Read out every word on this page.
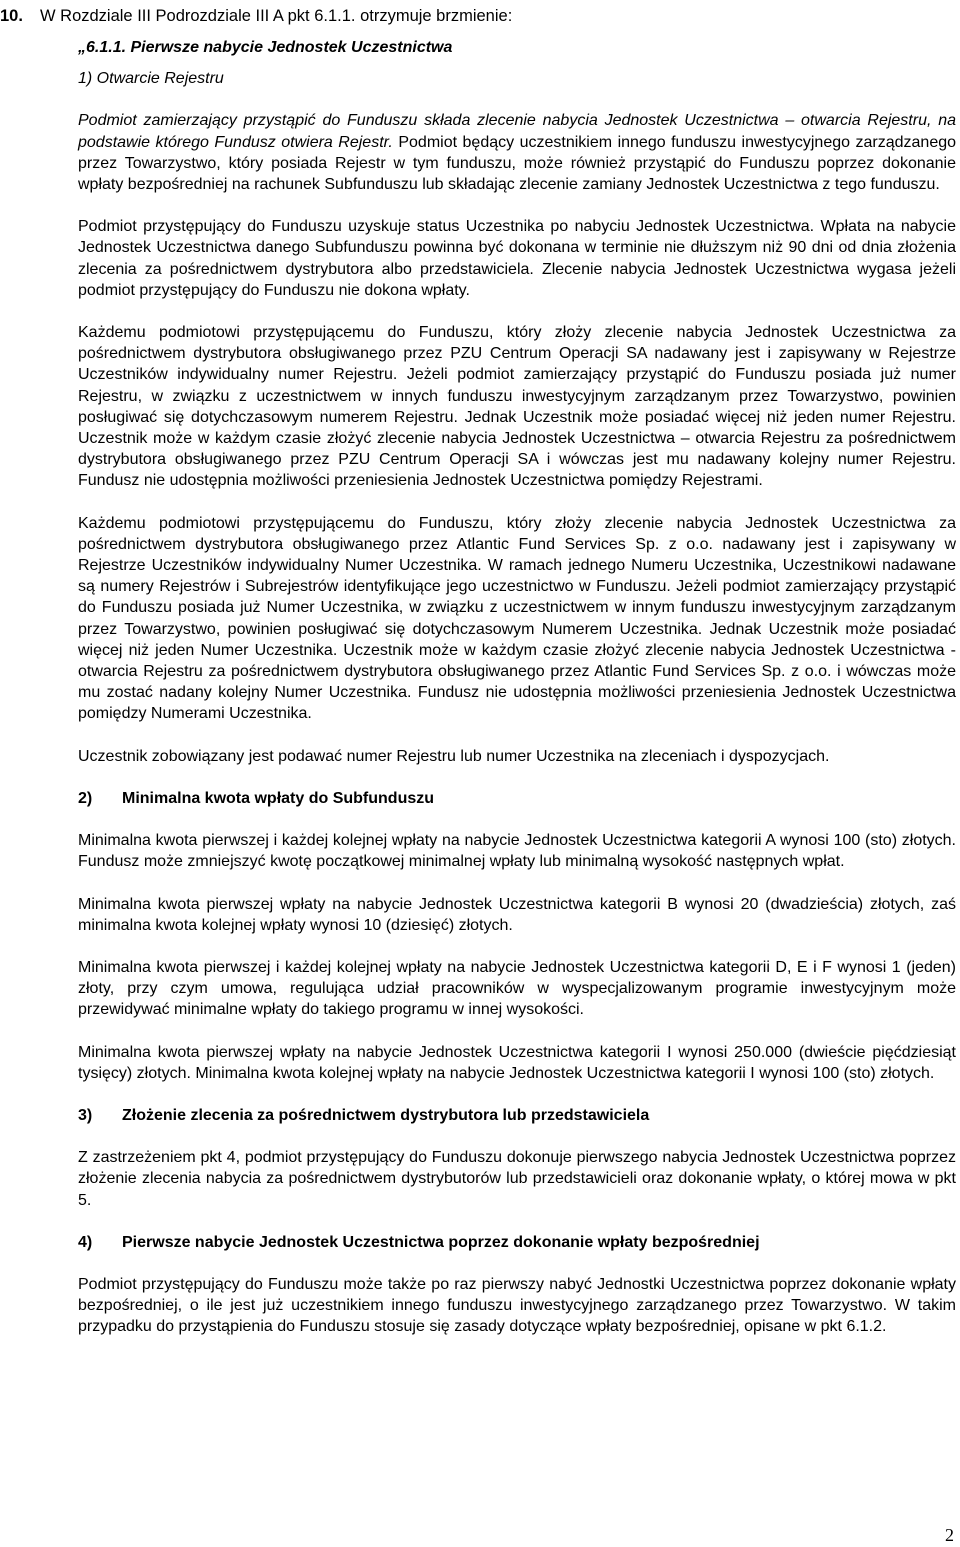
10. W Rozdziale III Podrozdziale III A pkt 6.1.1. otrzymuje brzmienie:

„6.1.1. Pierwsze nabycie Jednostek Uczestnictwa

1) Otwarcie Rejestru

Podmiot zamierzający przystąpić do Funduszu składa zlecenie nabycia Jednostek Uczestnictwa – otwarcia Rejestru, na podstawie którego Fundusz otwiera Rejestr. Podmiot będący uczestnikiem innego funduszu inwestycyjnego zarządzanego przez Towarzystwo, który posiada Rejestr w tym funduszu, może również przystąpić do Funduszu poprzez dokonanie wpłaty bezpośredniej na rachunek Subfunduszu lub składając zlecenie zamiany Jednostek Uczestnictwa z tego funduszu.

Podmiot przystępujący do Funduszu uzyskuje status Uczestnika po nabyciu Jednostek Uczestnictwa. Wpłata na nabycie Jednostek Uczestnictwa danego Subfunduszu powinna być dokonana w terminie nie dłuższym niż 90 dni od dnia złożenia zlecenia za pośrednictwem dystrybutora albo przedstawiciela. Zlecenie nabycia Jednostek Uczestnictwa wygasa jeżeli podmiot przystępujący do Funduszu nie dokona wpłaty.

Każdemu podmiotowi przystępującemu do Funduszu, który złoży zlecenie nabycia Jednostek Uczestnictwa za pośrednictwem dystrybutora obsługiwanego przez PZU Centrum Operacji SA nadawany jest i zapisywany w Rejestrze Uczestników indywidualny numer Rejestru. Jeżeli podmiot zamierzający przystąpić do Funduszu posiada już numer Rejestru, w związku z uczestnictwem w innych funduszu inwestycyjnym zarządzanym przez Towarzystwo, powinien posługiwać się dotychczasowym numerem Rejestru. Jednak Uczestnik może posiadać więcej niż jeden numer Rejestru. Uczestnik może w każdym czasie złożyć zlecenie nabycia Jednostek Uczestnictwa – otwarcia Rejestru za pośrednictwem dystrybutora obsługiwanego przez PZU Centrum Operacji SA i wówczas jest mu nadawany kolejny numer Rejestru. Fundusz nie udostępnia możliwości przeniesienia Jednostek Uczestnictwa pomiędzy Rejestrami.

Każdemu podmiotowi przystępującemu do Funduszu, który złoży zlecenie nabycia Jednostek Uczestnictwa za pośrednictwem dystrybutora obsługiwanego przez Atlantic Fund Services Sp. z o.o. nadawany jest i zapisywany w Rejestrze Uczestników indywidualny Numer Uczestnika. W ramach jednego Numeru Uczestnika, Uczestnikowi nadawane są numery Rejestrów i Subrejestrów identyfikujące jego uczestnictwo w Funduszu. Jeżeli podmiot zamierzający przystąpić do Funduszu posiada już Numer Uczestnika, w związku z uczestnictwem w innym funduszu inwestycyjnym zarządzanym przez Towarzystwo, powinien posługiwać się dotychczasowym Numerem Uczestnika. Jednak Uczestnik może posiadać więcej niż jeden Numer Uczestnika. Uczestnik może w każdym czasie złożyć zlecenie nabycia Jednostek Uczestnictwa - otwarcia Rejestru za pośrednictwem dystrybutora obsługiwanego przez Atlantic Fund Services Sp. z o.o. i wówczas może mu zostać nadany kolejny Numer Uczestnika. Fundusz nie udostępnia możliwości przeniesienia Jednostek Uczestnictwa pomiędzy Numerami Uczestnika.

Uczestnik zobowiązany jest podawać numer Rejestru lub numer Uczestnika na zleceniach i dyspozycjach.

2) Minimalna kwota wpłaty do Subfunduszu

Minimalna kwota pierwszej i każdej kolejnej wpłaty na nabycie Jednostek Uczestnictwa kategorii A wynosi 100 (sto) złotych. Fundusz może zmniejszyć kwotę początkowej minimalnej wpłaty lub minimalną wysokość następnych wpłat.

Minimalna kwota pierwszej wpłaty na nabycie Jednostek Uczestnictwa kategorii B wynosi 20 (dwadzieścia) złotych, zaś minimalna kwota kolejnej wpłaty wynosi 10 (dziesięć) złotych.

Minimalna kwota pierwszej i każdej kolejnej wpłaty na nabycie Jednostek Uczestnictwa kategorii D, E i F wynosi 1 (jeden) złoty, przy czym umowa, regulująca udział pracowników w wyspecjalizowanym programie inwestycyjnym może przewidywać minimalne wpłaty do takiego programu w innej wysokości.

Minimalna kwota pierwszej wpłaty na nabycie Jednostek Uczestnictwa kategorii I wynosi 250.000 (dwieście pięćdziesiąt tysięcy) złotych. Minimalna kwota kolejnej wpłaty na nabycie Jednostek Uczestnictwa kategorii I wynosi 100 (sto) złotych.

3) Złożenie zlecenia za pośrednictwem dystrybutora lub przedstawiciela

Z zastrzeżeniem pkt 4, podmiot przystępujący do Funduszu dokonuje pierwszego nabycia Jednostek Uczestnictwa poprzez złożenie zlecenia nabycia za pośrednictwem dystrybutorów lub przedstawicieli oraz dokonanie wpłaty, o której mowa w pkt 5.

4) Pierwsze nabycie Jednostek Uczestnictwa poprzez dokonanie wpłaty bezpośredniej

Podmiot przystępujący do Funduszu może także po raz pierwszy nabyć Jednostki Uczestnictwa poprzez dokonanie wpłaty bezpośredniej, o ile jest już uczestnikiem innego funduszu inwestycyjnego zarządzanego przez Towarzystwo. W takim przypadku do przystąpienia do Funduszu stosuje się zasady dotyczące wpłaty bezpośredniej, opisane w pkt 6.1.2.

2
